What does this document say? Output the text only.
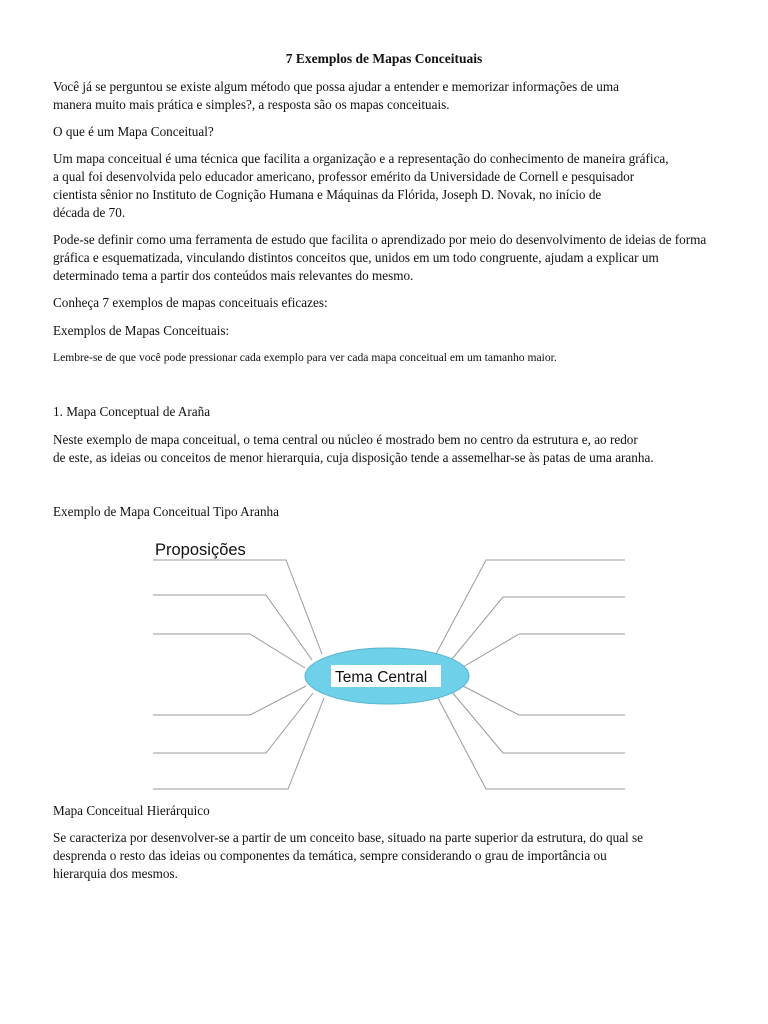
7 Exemplos de Mapas Conceituais

Você já se perguntou se existe algum método que possa ajudar a entender e memorizar informações de uma

manera muito mais prática e simples?, a resposta são os mapas conceituais.

O que é um Mapa Conceitual?

Um mapa conceitual é uma técnica que facilita a organização e a representação do conhecimento de maneira gráfica,

a qual foi desenvolvida pelo educador americano, professor emérito da Universidade de Cornell e pesquisador

cientista sênior no Instituto de Cognição Humana e Máquinas da Flórida, Joseph D. Novak, no início de

década de 70.

Pode-se definir como uma ferramenta de estudo que facilita o aprendizado por meio do desenvolvimento de ideias de forma

gráfica e esquematizada, vinculando distintos conceitos que, unidos em um todo congruente, ajudam a explicar um

determinado tema a partir dos conteúdos mais relevantes do mesmo.

Conheça 7 exemplos de mapas conceituais eficazes:

Exemplos de Mapas Conceituais:

Lembre-se de que você pode pressionar cada exemplo para ver cada mapa conceitual em um tamanho maior.

1. Mapa Conceptual de Araña

Neste exemplo de mapa conceitual, o tema central ou núcleo é mostrado bem no centro da estrutura e, ao redor

de este, as ideias ou conceitos de menor hierarquia, cuja disposição tende a assemelhar-se às patas de uma aranha.

Exemplo de Mapa Conceitual Tipo Aranha

Proposições
Tema Central

Mapa Conceitual Hierárquico

Se caracteriza por desenvolver-se a partir de um conceito base, situado na parte superior da estrutura, do qual se

desprenda o resto das ideias ou componentes da temática, sempre considerando o grau de importância ou

hierarquia dos mesmos.
